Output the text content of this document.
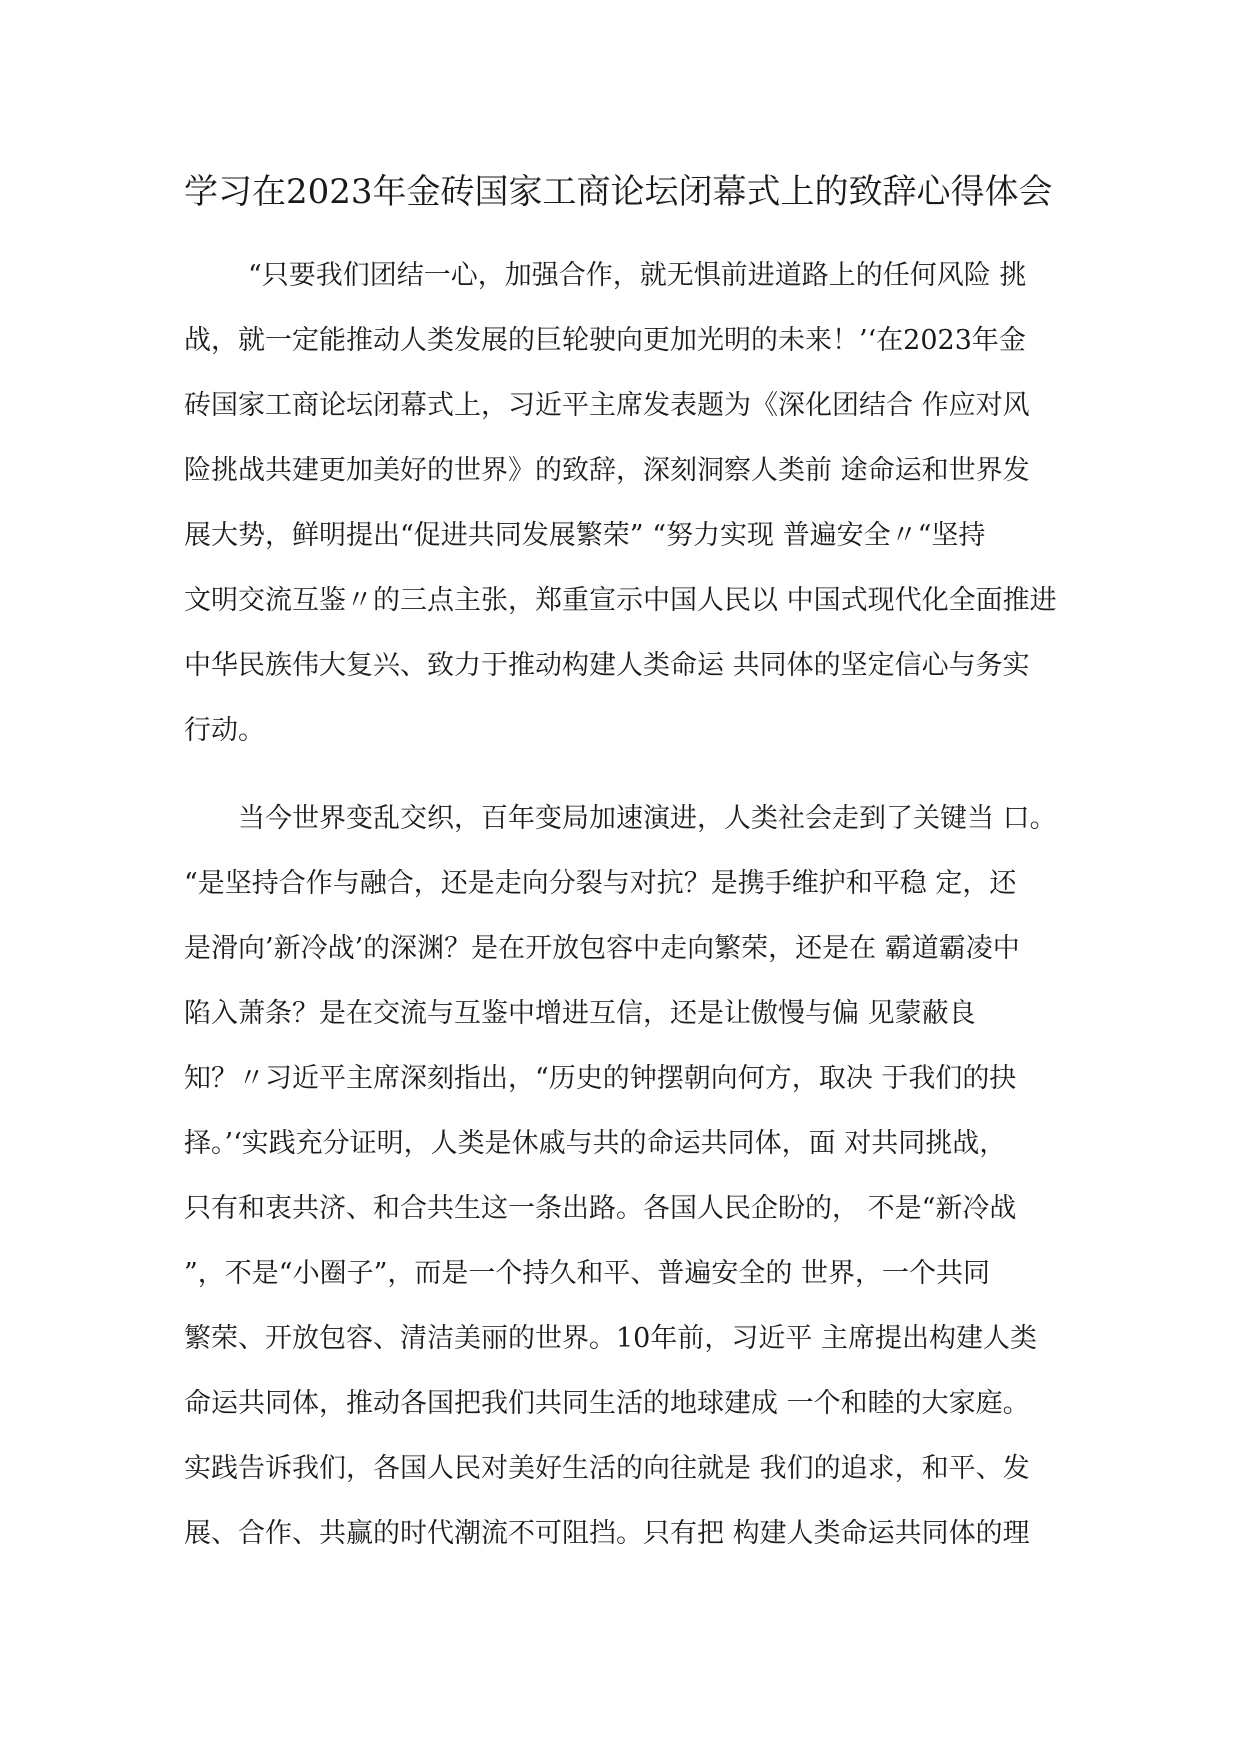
学习在2023年金砖国家工商论坛闭幕式上的致辞心得体会
“只要我们团结一心，加强合作，就无惧前进道路上的任何风险 挑
战，就一定能推动人类发展的巨轮驶向更加光明的未来！’‘在2023年金
砖国家工商论坛闭幕式上，习近平主席发表题为《深化团结合 作应对风
险挑战共建更加美好的世界》的致辞，深刻洞察人类前 途命运和世界发
展大势，鲜明提出“促进共同发展繁荣” “努力实现 普遍安全〃“坚持
文明交流互鉴〃的三点主张，郑重宣示中国人民以 中国式现代化全面推进
中华民族伟大复兴、致力于推动构建人类命运 共同体的坚定信心与务实
行动。
当今世界变乱交织，百年变局加速演进，人类社会走到了关键当 口。
“是坚持合作与融合，还是走向分裂与对抗？是携手维护和平稳 定，还
是滑向’新冷战’的深渊？是在开放包容中走向繁荣，还是在 霸道霸凌中
陷入萧条？是在交流与互鉴中增进互信，还是让傲慢与偏 见蒙蔽良
知？〃习近平主席深刻指出，“历史的钟摆朝向何方，取决 于我们的抉
择。’‘实践充分证明，人类是休戚与共的命运共同体，面 对共同挑战，
只有和衷共济、和合共生这一条出路。各国人民企盼的， 不是“新冷战
”，不是“小圈子”，而是一个持久和平、普遍安全的 世界，一个共同
繁荣、开放包容、清洁美丽的世界。10年前，习近平 主席提出构建人类
命运共同体，推动各国把我们共同生活的地球建成 一个和睦的大家庭。
实践告诉我们，各国人民对美好生活的向往就是 我们的追求，和平、发
展、合作、共赢的时代潮流不可阻挡。只有把 构建人类命运共同体的理
